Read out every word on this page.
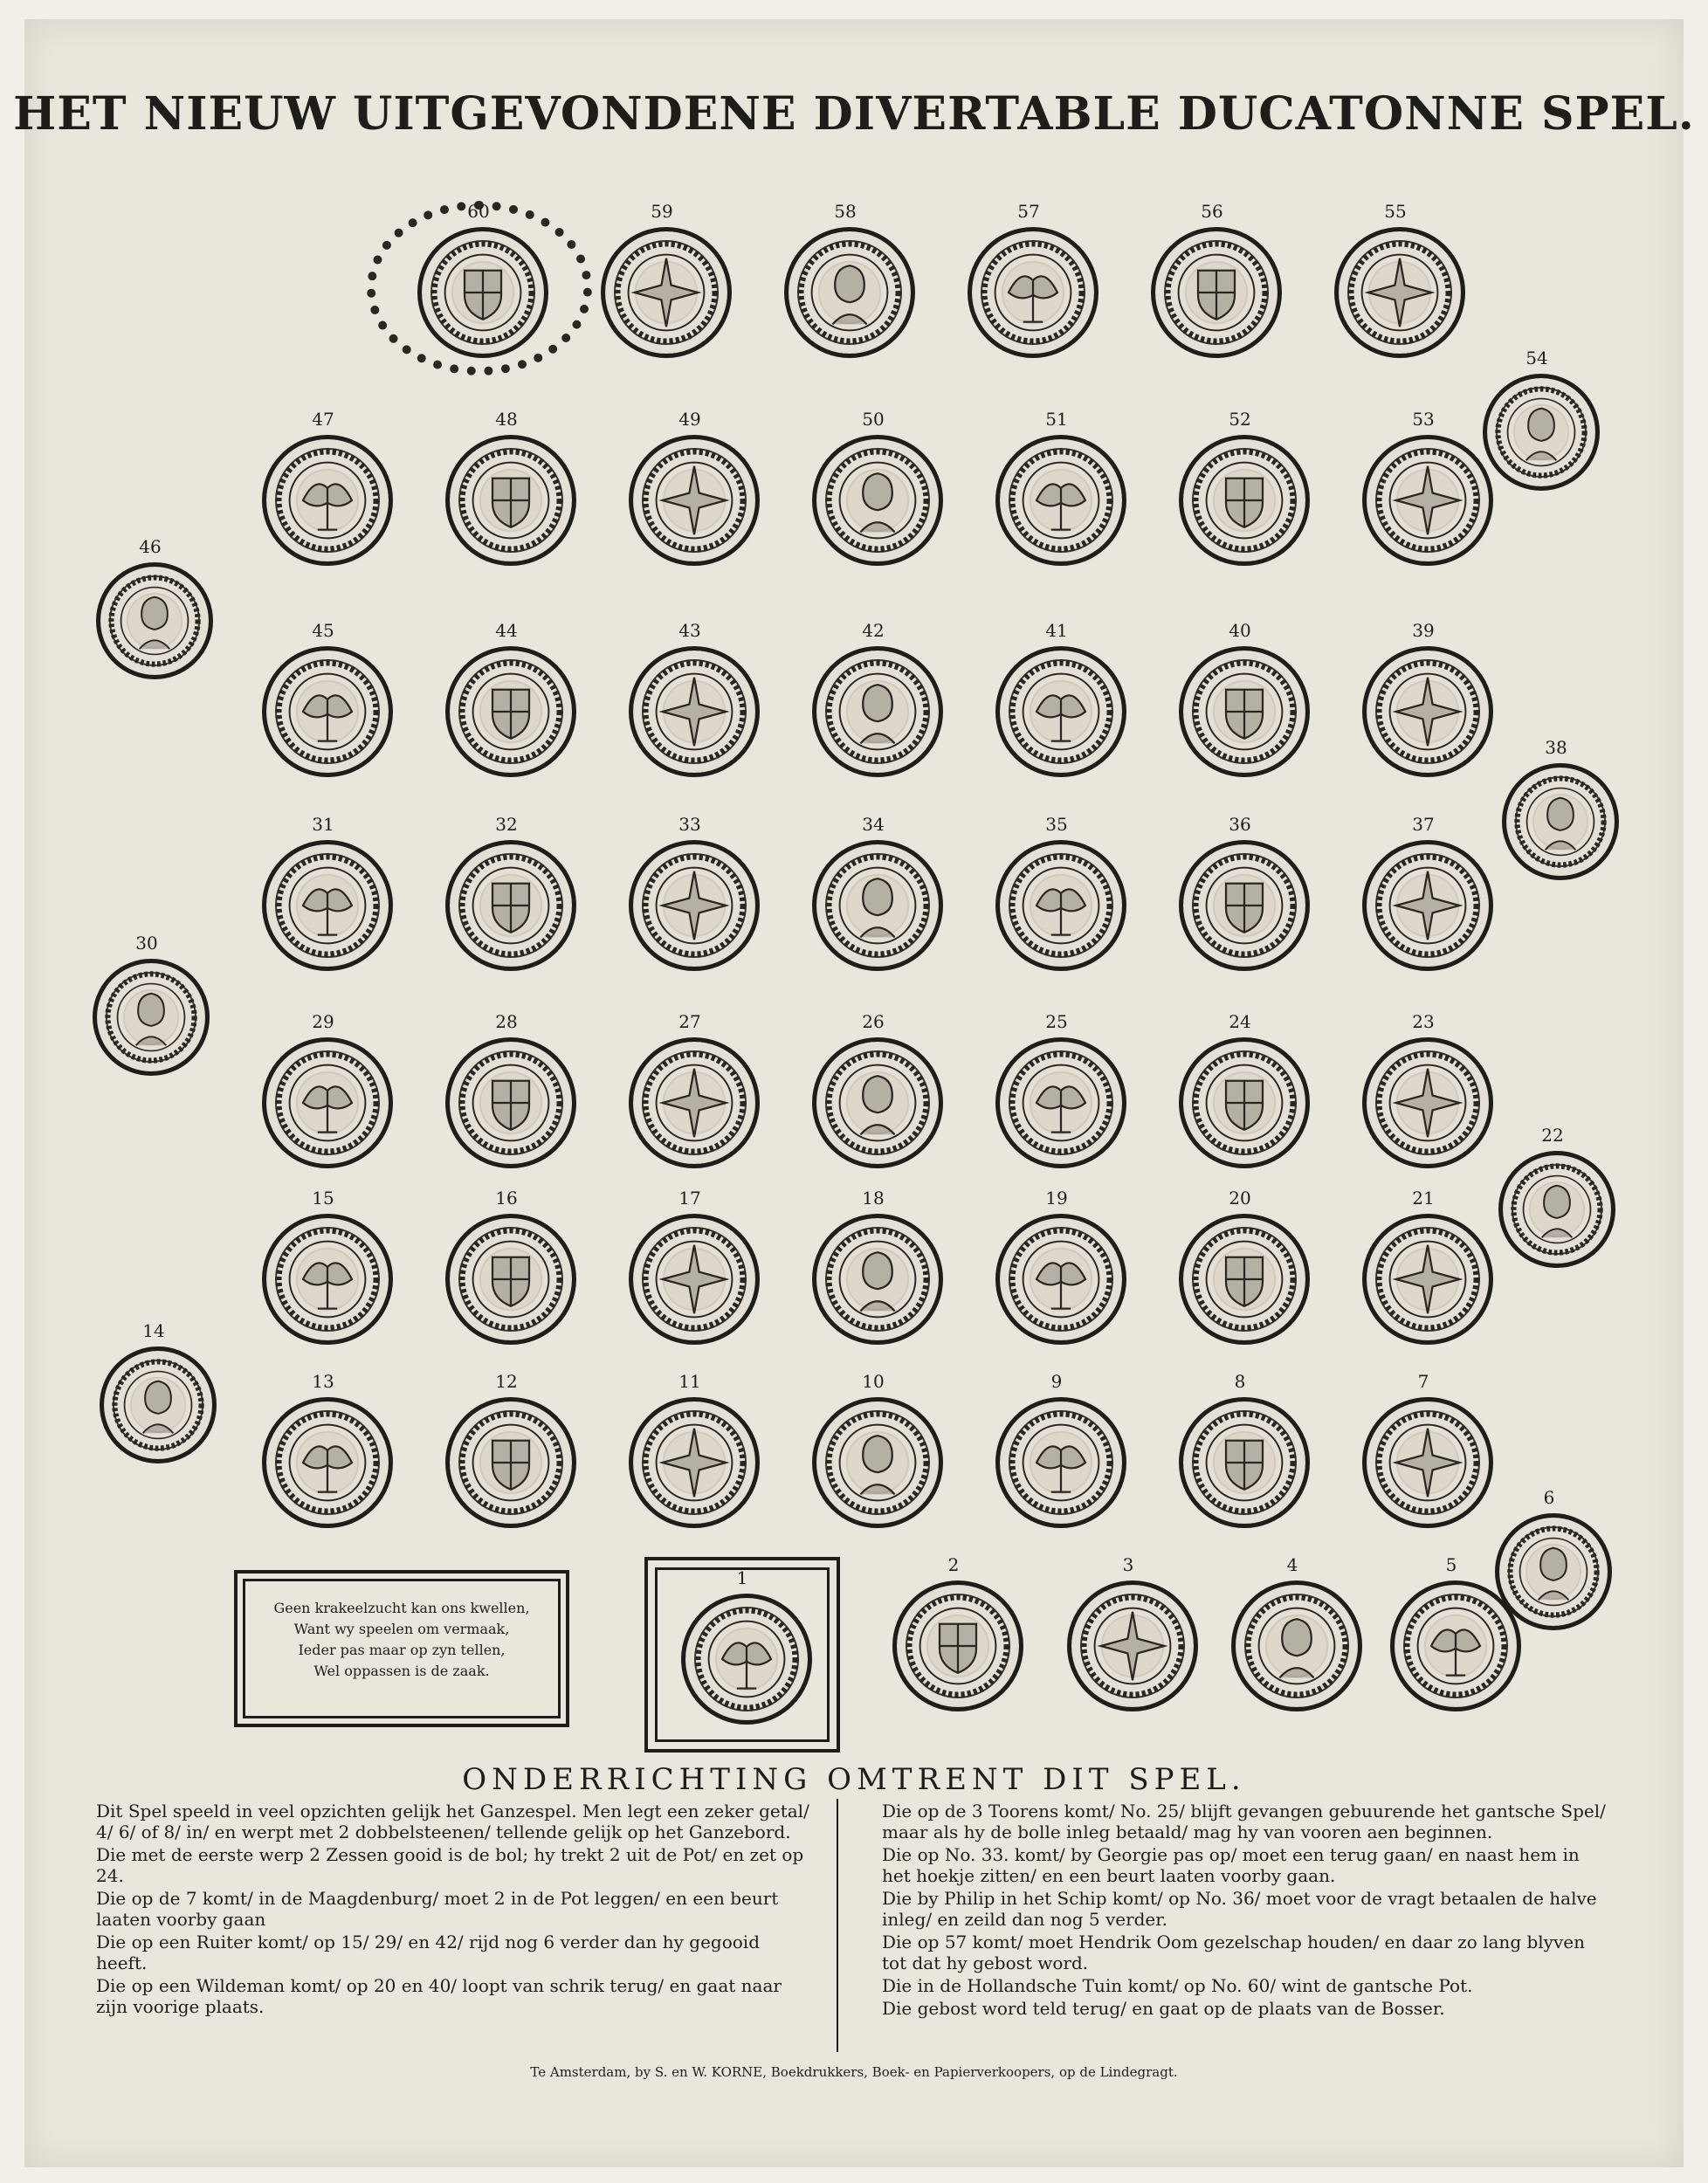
HET NIEUW UITGEVONDENE DIVERTABLE DUCATONNE SPEL.
60	59	58	57	56	55
54
47	48	49	50	51	52	53
46
45	44	43	42	41	40	39
38
31	32	33	34	35	36	37
30
29	28	27	26	25	24	23
22
15	16	17	18	19	20	21
14
13	12	11	10	9	8	7
6
1
2	3	4	5
Geen krakeelzucht kan ons kwellen,
Want wy speelen om vermaak,
Ieder pas maar op zyn tellen,
Wel oppassen is de zaak.
ONDERRICHTING OMTRENT DIT SPEL.

Dit Spel speeld in veel opzichten gelijk het Ganzespel. Men legt een zeker getal/ 4/ 6/ of 8/ in/ en werpt met 2 dobbelsteenen/ tellende gelijk op het Ganzebord.

Die met de eerste werp 2 Zessen gooid is de bol; hy trekt 2 uit de Pot/ en zet op 24.

Die op de 7 komt/ in de Maagdenburg/ moet 2 in de Pot leggen/ en een beurt laaten voorby gaan

Die op een Ruiter komt/ op 15/ 29/ en 42/ rijd nog 6 verder dan hy gegooid heeft.

Die op een Wildeman komt/ op 20 en 40/ loopt van schrik terug/ en gaat naar zijn voorige plaats.

Die op de 3 Toorens komt/ No. 25/ blijft gevangen gebuurende het gantsche Spel/ maar als hy de bolle inleg betaald/ mag hy van vooren aen beginnen.

Die op No. 33. komt/ by Georgie pas op/ moet een terug gaan/ en naast hem in het hoekje zitten/ en een beurt laaten voorby gaan.

Die by Philip in het Schip komt/ op No. 36/ moet voor de vragt betaalen de halve inleg/ en zeild dan nog 5 verder.

Die op 57 komt/ moet Hendrik Oom gezelschap houden/ en daar zo lang blyven tot dat hy gebost word.

Die in de Hollandsche Tuin komt/ op No. 60/ wint de gantsche Pot.

Die gebost word teld terug/ en gaat op de plaats van de Bosser.

Te Amsterdam, by S. en W. KORNE, Boekdrukkers, Boek- en Papierverkoopers, op de Lindegragt.
